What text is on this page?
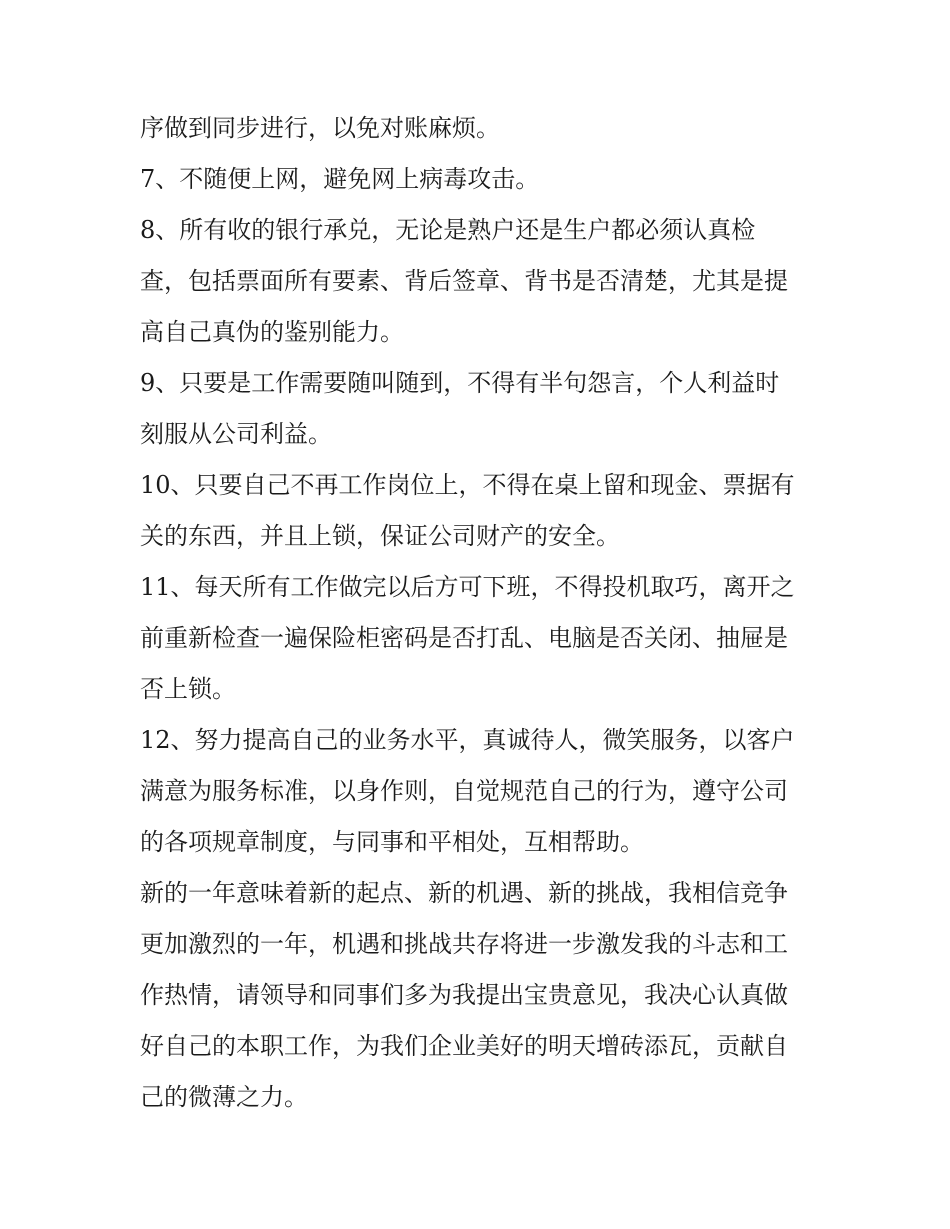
序做到同步进行，以免对账麻烦。
7、不随便上网，避免网上病毒攻击。
8、所有收的银行承兑，无论是熟户还是生户都必须认真检
查，包括票面所有要素、背后签章、背书是否清楚，尤其是提
高自己真伪的鉴别能力。
9、只要是工作需要随叫随到，不得有半句怨言，个人利益时
刻服从公司利益。
10、只要自己不再工作岗位上，不得在桌上留和现金、票据有
关的东西，并且上锁，保证公司财产的安全。
11、每天所有工作做完以后方可下班，不得投机取巧，离开之
前重新检查一遍保险柜密码是否打乱、电脑是否关闭、抽屉是
否上锁。
12、努力提高自己的业务水平，真诚待人，微笑服务，以客户
满意为服务标准，以身作则，自觉规范自己的行为，遵守公司
的各项规章制度，与同事和平相处，互相帮助。
新的一年意味着新的起点、新的机遇、新的挑战，我相信竞争
更加激烈的一年，机遇和挑战共存将进一步激发我的斗志和工
作热情，请领导和同事们多为我提出宝贵意见，我决心认真做
好自己的本职工作，为我们企业美好的明天增砖添瓦，贡献自
己的微薄之力。
